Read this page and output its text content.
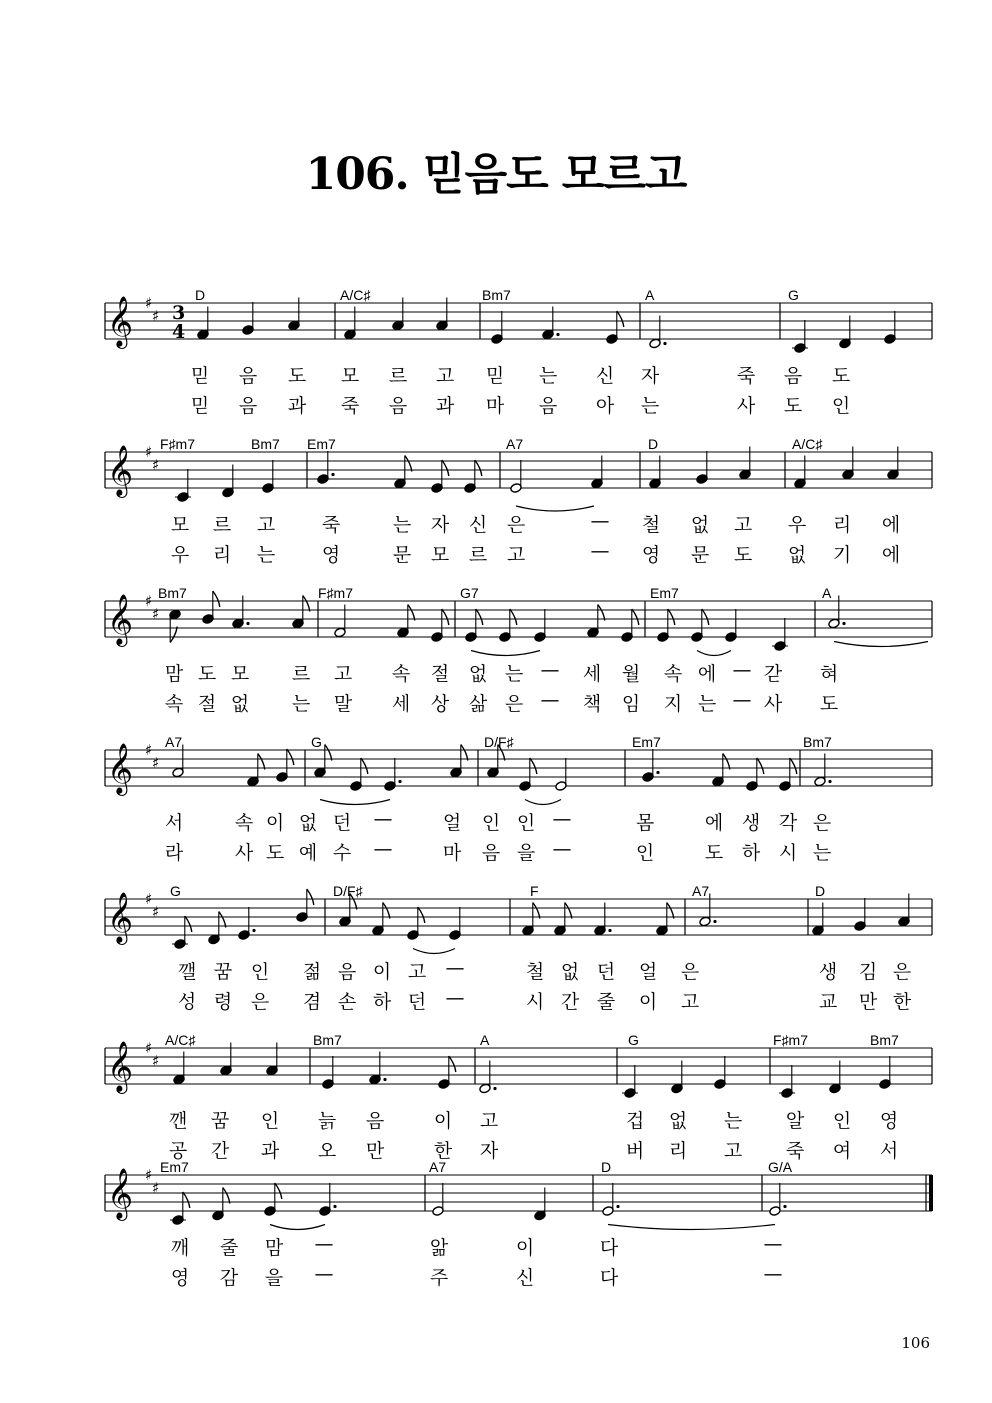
106. 믿음도 모르고
𝄞 ♯
♯ 3
4
D	A/C♯	Bm7	A	G
믿 음 도 모 르 고 믿 는 신 자	죽 음 도
믿 음 과 죽 음 과 마 음 아 는	사 도 인
𝄞 ♯
♯
F♯m7	Bm7 Em7	A7	D	A/C♯
모 르 고 죽	는 자 신 은	— 철 없 고 우 리 에
우 리 는 영	문 모 르 고	— 영 문 도 없 기 에
𝄞 ♯
♯
Bm7	F♯m7	G7	Em7	A
맘 도 모 르 고 속 절 없 는 — 세 월 속 에 — 갇 혀
속 절 없 는 말 세 상 삶 은 — 책 임 지 는 — 사 도
𝄞 ♯
♯
A7	G	D/F♯	Em7	Bm7
서	속 이 없 던 —	얼 인 인 —	몸	에 생 각 은
라	사 도 예 수 —	마 음 을 —	인	도 하 시 는
𝄞 ♯
♯
G	D/F♯	F	A7	D
깰 꿈 인 젊 음 이 고 —	철 없 던 얼 은	생 김 은
성 령 은 겸 손 하 던 —	시 간 줄 이 고	교 만 한
𝄞 ♯
♯
A/C♯	Bm7	A	G	F♯m7	Bm7
깬 꿈 인 늙 음	이 고	겁 없 는 알 인 영
공 간 과 오 만	한 자	버 리 고 죽 여 서
𝄞 ♯
♯
Em7	A7	D	G/A
깨 줄 맘 —	앎	이	다	—
영 감 을 —	주	신	다	—
106
